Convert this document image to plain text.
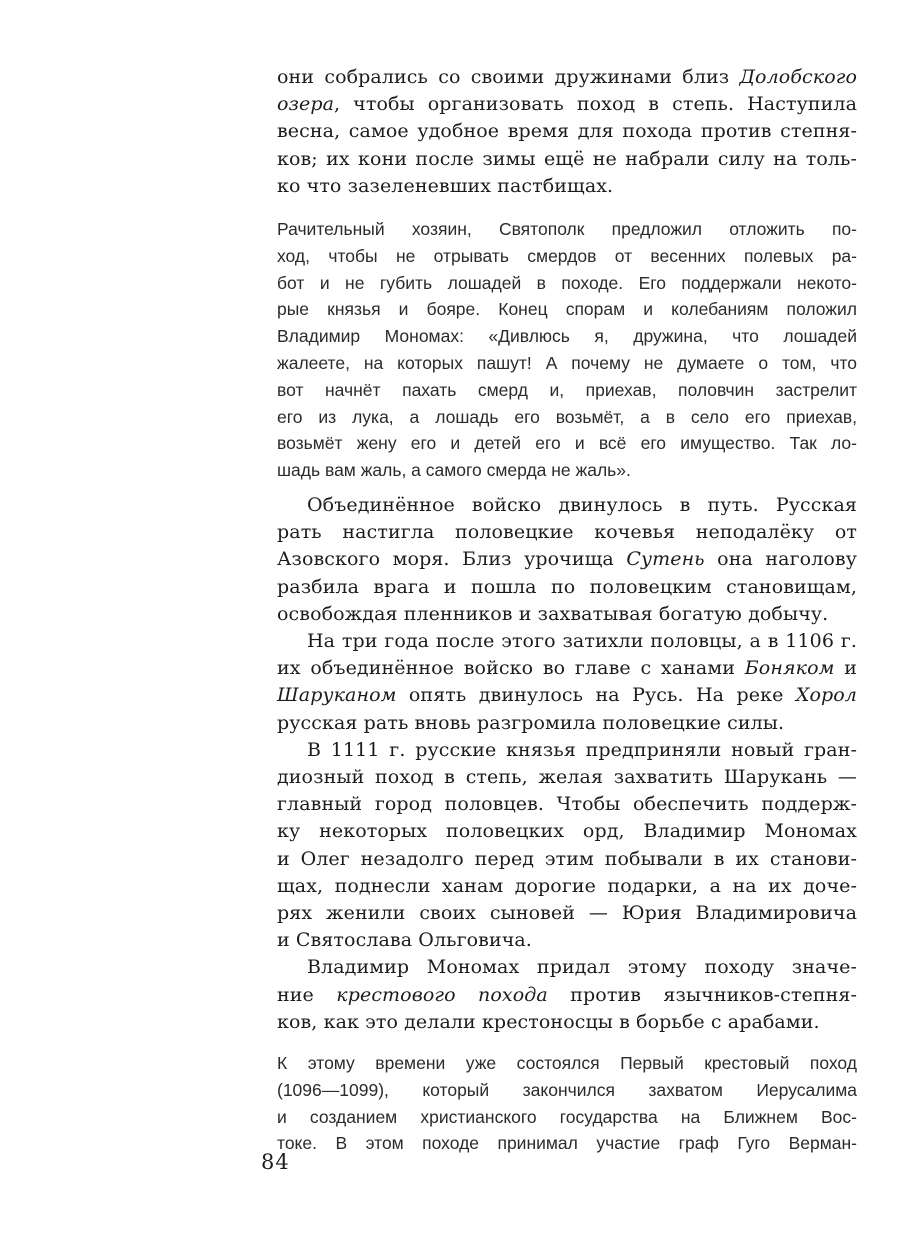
они собрались со своими дружинами близ Долобского
озера, чтобы организовать поход в степь. Наступила
весна, самое удобное время для похода против степня-
ков; их кони после зимы ещё не набрали силу на толь-
ко что зазеленевших пастбищах.
Рачительный хозяин, Святополк предложил отложить по-
ход, чтобы не отрывать смердов от весенних полевых ра-
бот и не губить лошадей в походе. Его поддержали некото-
рые князья и бояре. Конец спорам и колебаниям положил
Владимир Мономах: «Дивлюсь я, дружина, что лошадей
жалеете, на которых пашут! А почему не думаете о том, что
вот начнёт пахать смерд и, приехав, половчин застрелит
его из лука, а лошадь его возьмёт, а в село его приехав,
возьмёт жену его и детей его и всё его имущество. Так ло-
шадь вам жаль, а самого смерда не жаль».
Объединённое войско двинулось в путь. Русская
рать настигла половецкие кочевья неподалёку от
Азовского моря. Близ урочища Сутень она наголову
разбила врага и пошла по половецким становищам,
освобождая пленников и захватывая богатую добычу.
На три года после этого затихли половцы, а в 1106 г.
их объединённое войско во главе с ханами Боняком и
Шаруканом опять двинулось на Русь. На реке Хорол
русская рать вновь разгромила половецкие силы.
В 1111 г. русские князья предприняли новый гран-
диозный поход в степь, желая захватить Шарукань —
главный город половцев. Чтобы обеспечить поддерж-
ку некоторых половецких орд, Владимир Мономах
и Олег незадолго перед этим побывали в их станови-
щах, поднесли ханам дорогие подарки, а на их доче-
рях женили своих сыновей — Юрия Владимировича
и Святослава Ольговича.
Владимир Мономах придал этому походу значе-
ние крестового похода против язычников-степня-
ков, как это делали крестоносцы в борьбе с арабами.
К этому времени уже состоялся Первый крестовый поход
(1096—1099), который закончился захватом Иерусалима
и созданием христианского государства на Ближнем Вос-
токе. В этом походе принимал участие граф Гуго Верман-
84
